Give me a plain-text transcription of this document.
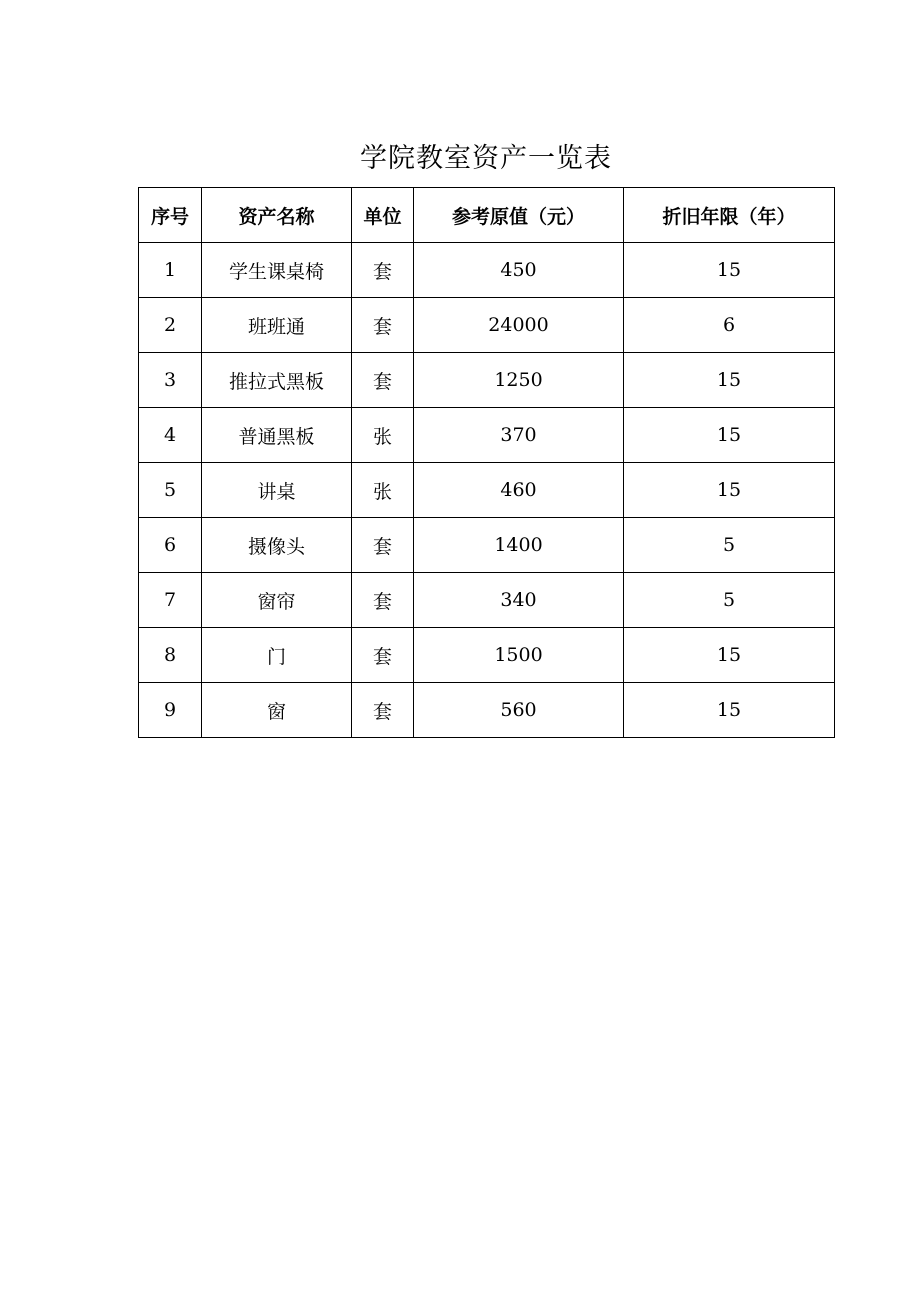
学院教室资产一览表
序号	资产名称	单位	参考原值（元）	折旧年限（年）
1	学生课桌椅	套	450	15
2	班班通	套	24000	6
3	推拉式黑板	套	1250	15
4	普通黑板	张	370	15
5	讲桌	张	460	15
6	摄像头	套	1400	5
7	窗帘	套	340	5
8	门	套	1500	15
9	窗	套	560	15
